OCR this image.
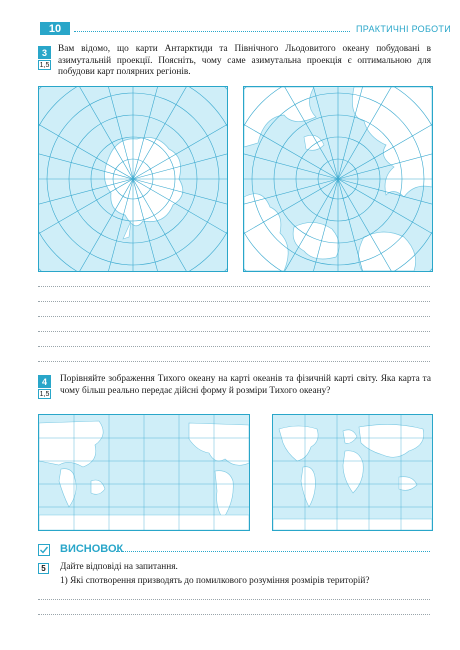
10	ПРАКТИЧНІ РОБОТИ
3
1,5
Вам відомо, що карти Антарктиди та Північного Льодовитого океану побудовані в азимутальній проекції. Поясніть, чому саме азимутальна проекція є оптимальною для побудови карт полярних регіонів.
4
1,5
Порівняйте зображення Тихого океану на карті океанів та фізичній карті світу. Яка карта та чому більш реально передає дійсні форму й розміри Тихого океану?
ВИСНОВОК
5	Дайте відповіді на запитання.
1) Які спотворення призводять до помилкового розуміння розмірів територій?
